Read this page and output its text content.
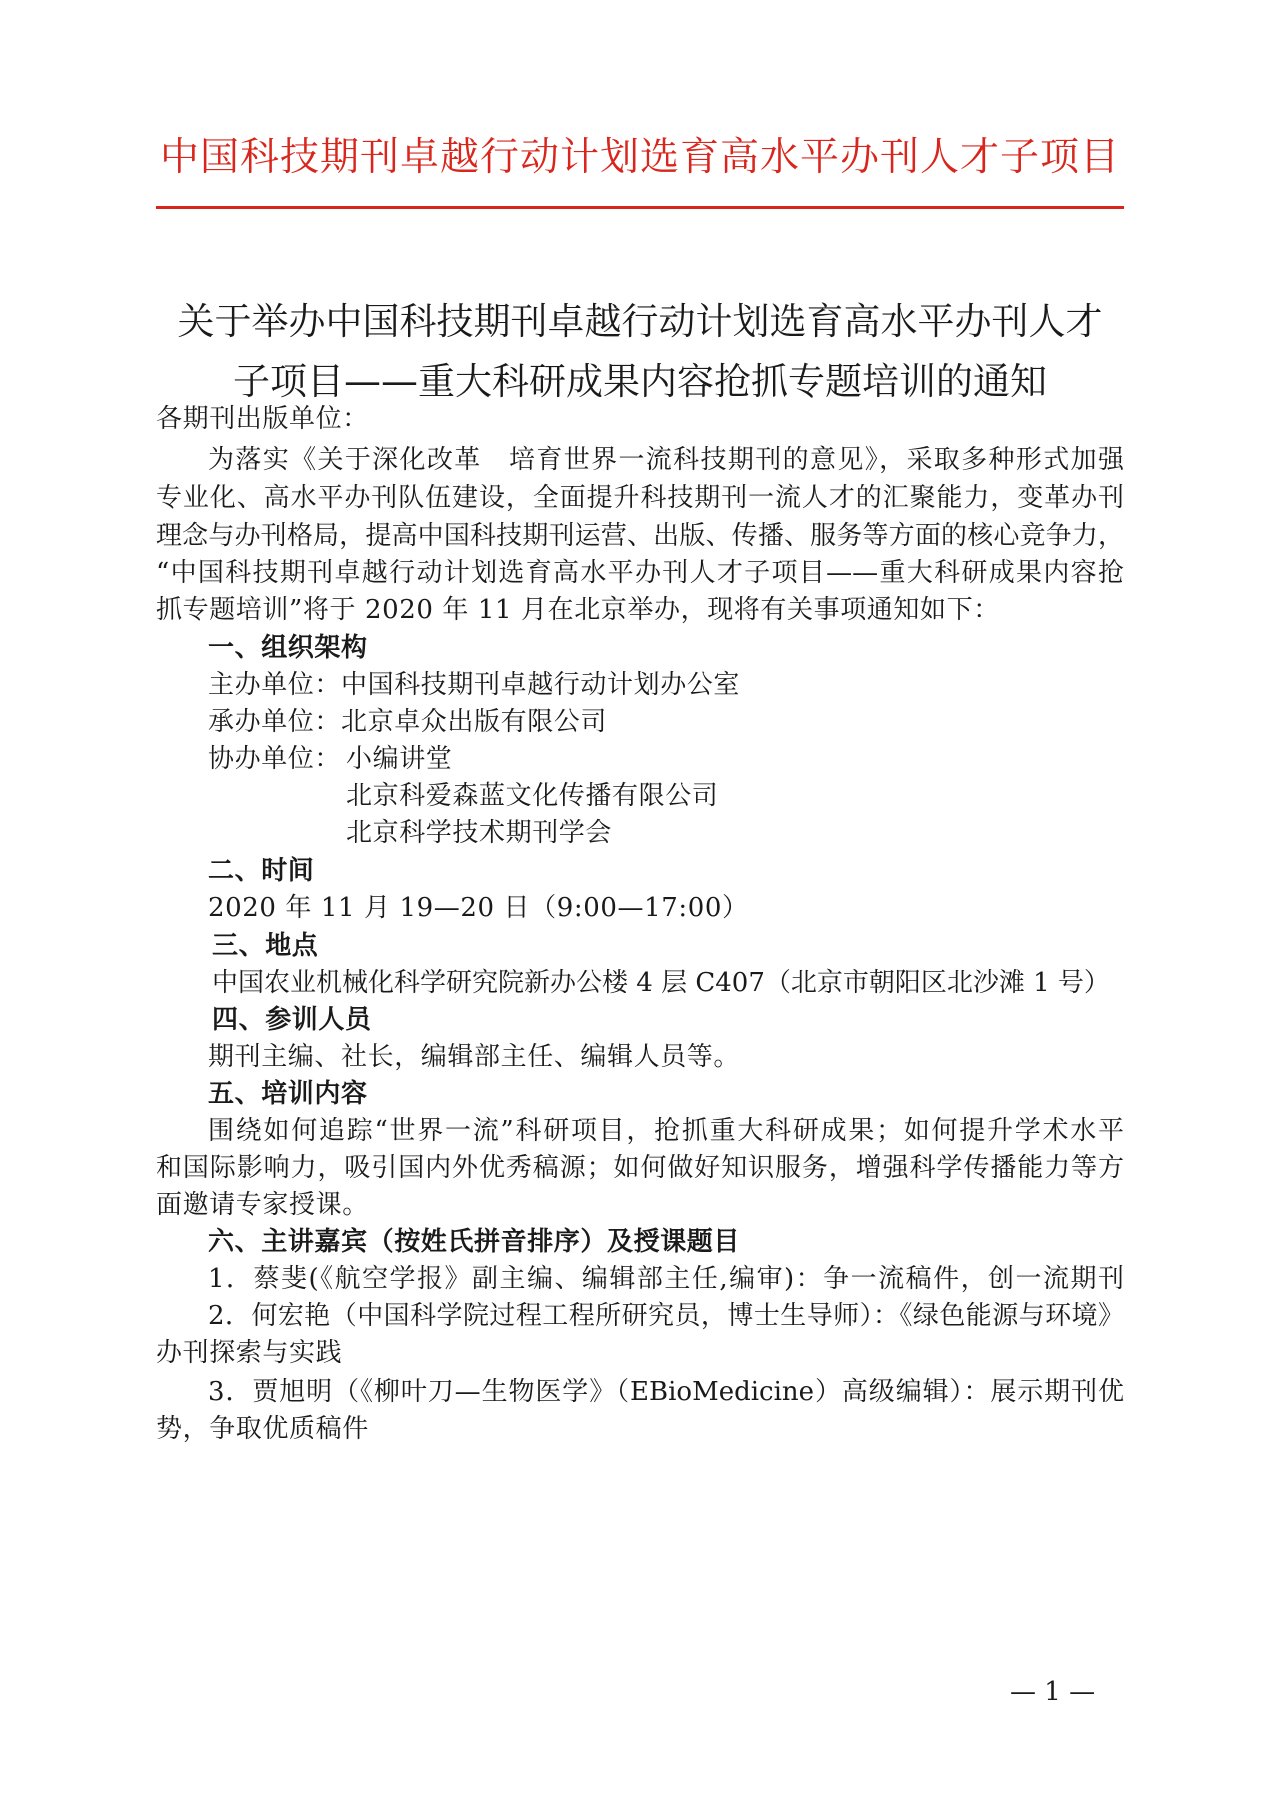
中国科技期刊卓越行动计划选育高水平办刊人才子项目
关于举办中国科技期刊卓越行动计划选育高水平办刊人才
子项目——重大科研成果内容抢抓专题培训的通知
各期刊出版单位：
为落实《关于深化改革　培育世界一流科技期刊的意见》，采取多种形式加强
专业化、高水平办刊队伍建设，全面提升科技期刊一流人才的汇聚能力，变革办刊
理念与办刊格局，提高中国科技期刊运营、出版、传播、服务等方面的核心竞争力，
“中国科技期刊卓越行动计划选育高水平办刊人才子项目——重大科研成果内容抢
抓专题培训”将于 2020 年 11 月在北京举办，现将有关事项通知如下：
一、组织架构
主办单位：中国科技期刊卓越行动计划办公室
承办单位：北京卓众出版有限公司
协办单位： 小编讲堂
北京科爱森蓝文化传播有限公司
北京科学技术期刊学会
二、时间
2020 年 11 月 19—20 日（9:00—17:00）
三、地点
中国农业机械化科学研究院新办公楼 4 层 C407（北京市朝阳区北沙滩 1 号）
四、参训人员
期刊主编、社长，编辑部主任、编辑人员等。
五、培训内容
围绕如何追踪“世界一流”科研项目，抢抓重大科研成果；如何提升学术水平
和国际影响力，吸引国内外优秀稿源；如何做好知识服务，增强科学传播能力等方
面邀请专家授课。
六、主讲嘉宾（按姓氏拼音排序）及授课题目
1．蔡斐(《航空学报》副主编、编辑部主任,编审)：争一流稿件，创一流期刊
2．何宏艳（中国科学院过程工程所研究员，博士生导师）：《绿色能源与环境》
办刊探索与实践
3．贾旭明（《柳叶刀—生物医学》（EBioMedicine）高级编辑）：展示期刊优
势，争取优质稿件
— 1 —
